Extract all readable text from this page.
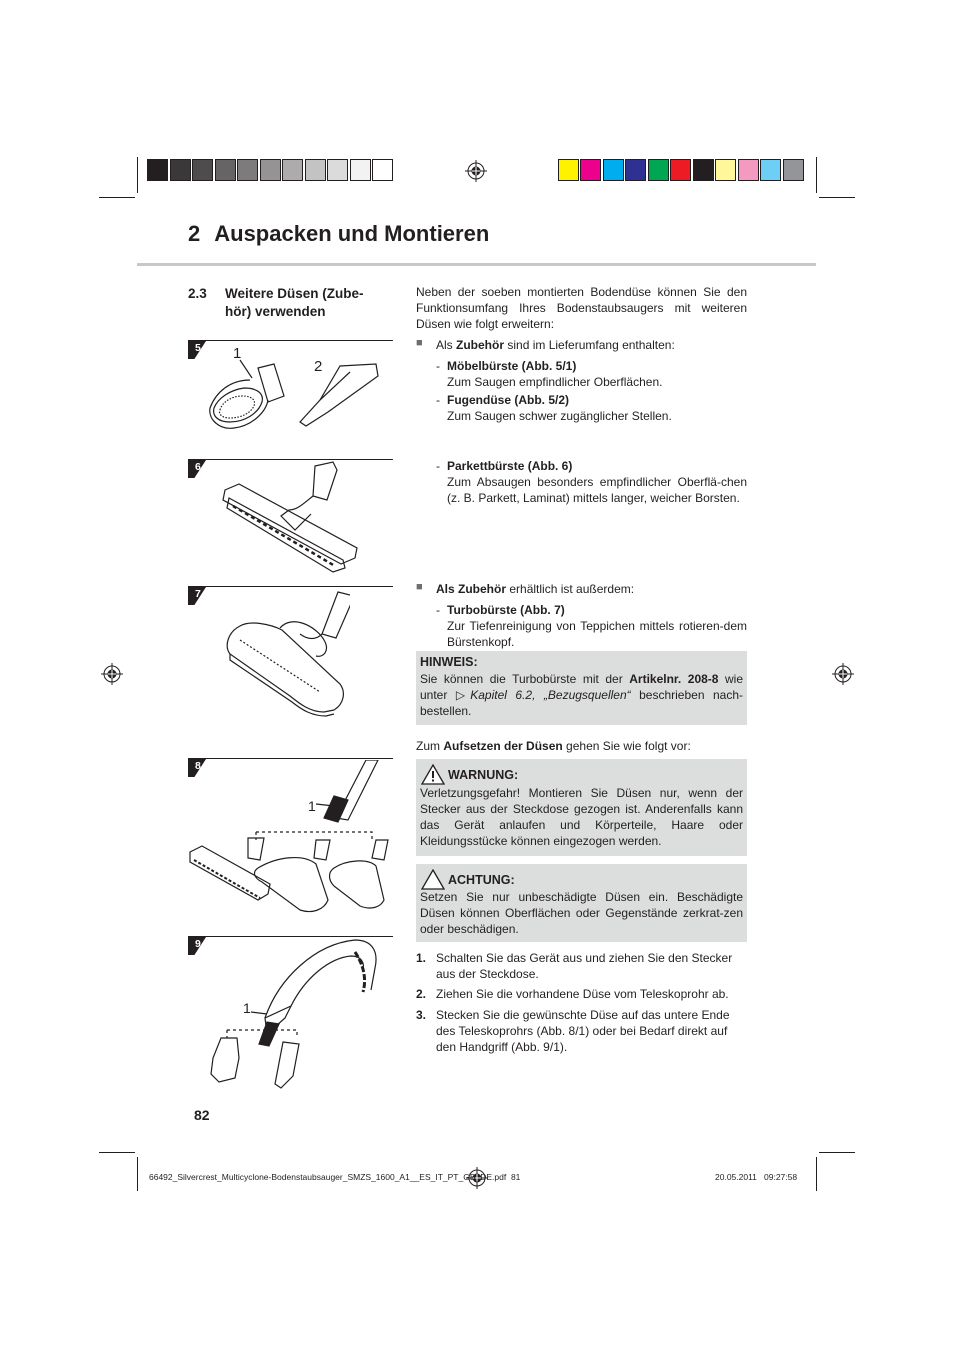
2 Auspacken und Montieren
2.3 Weitere Düsen (Zube-hör) verwenden
5 1
2
6
7
8
1
9
1
Neben der soeben montierten Bodendüse können Sie den Funktionsumfang Ihres Bodenstaubsaugers mit weiteren Düsen wie folgt erweitern:
■ Als Zubehör sind im Lieferumfang enthalten:
- Möbelbürste (Abb. 5/1)
Zum Saugen empfindlicher Oberflächen.
- Fugendüse (Abb. 5/2)
Zum Saugen schwer zugänglicher Stellen.
- Parkettbürste (Abb. 6)
Zum Absaugen besonders empfindlicher Oberflä-chen (z. B. Parkett, Laminat) mittels langer, weicher Borsten.
■ Als Zubehör erhältlich ist außerdem:
- Turbobürste (Abb. 7)
Zur Tiefenreinigung von Teppichen mittels rotieren-dem Bürstenkopf.
HINWEIS:
Sie können die Turbobürste mit der Artikelnr. 208-8 wie unter ▷Kapitel 6.2, „Bezugsquellen“ beschrieben nach-bestellen.
Zum Aufsetzen der Düsen gehen Sie wie folgt vor:
WARNUNG:
Verletzungsgefahr! Montieren Sie Düsen nur, wenn der Stecker aus der Steckdose gezogen ist. Anderenfalls kann das Gerät anlaufen und Körperteile, Haare oder Kleidungsstücke können eingezogen werden.
ACHTUNG:
Setzen Sie nur unbeschädigte Düsen ein. Beschädigte Düsen können Oberflächen oder Gegenstände zerkrat-zen oder beschädigen.
1. Schalten Sie das Gerät aus und ziehen Sie den Stecker aus der Steckdose.
2. Ziehen Sie die vorhandene Düse vom Teleskoprohr ab.
3. Stecken Sie die gewünschte Düse auf das untere Ende des Teleskoprohrs (Abb. 8/1) oder bei Bedarf direkt auf den Handgriff (Abb. 9/1).
82
66492_Silvercrest_Multicyclone-Bodenstaubsauger_SMZS_1600_A1__ES_IT_PT_GB_DE.pdf 81	20.05.2011 09:27:58
